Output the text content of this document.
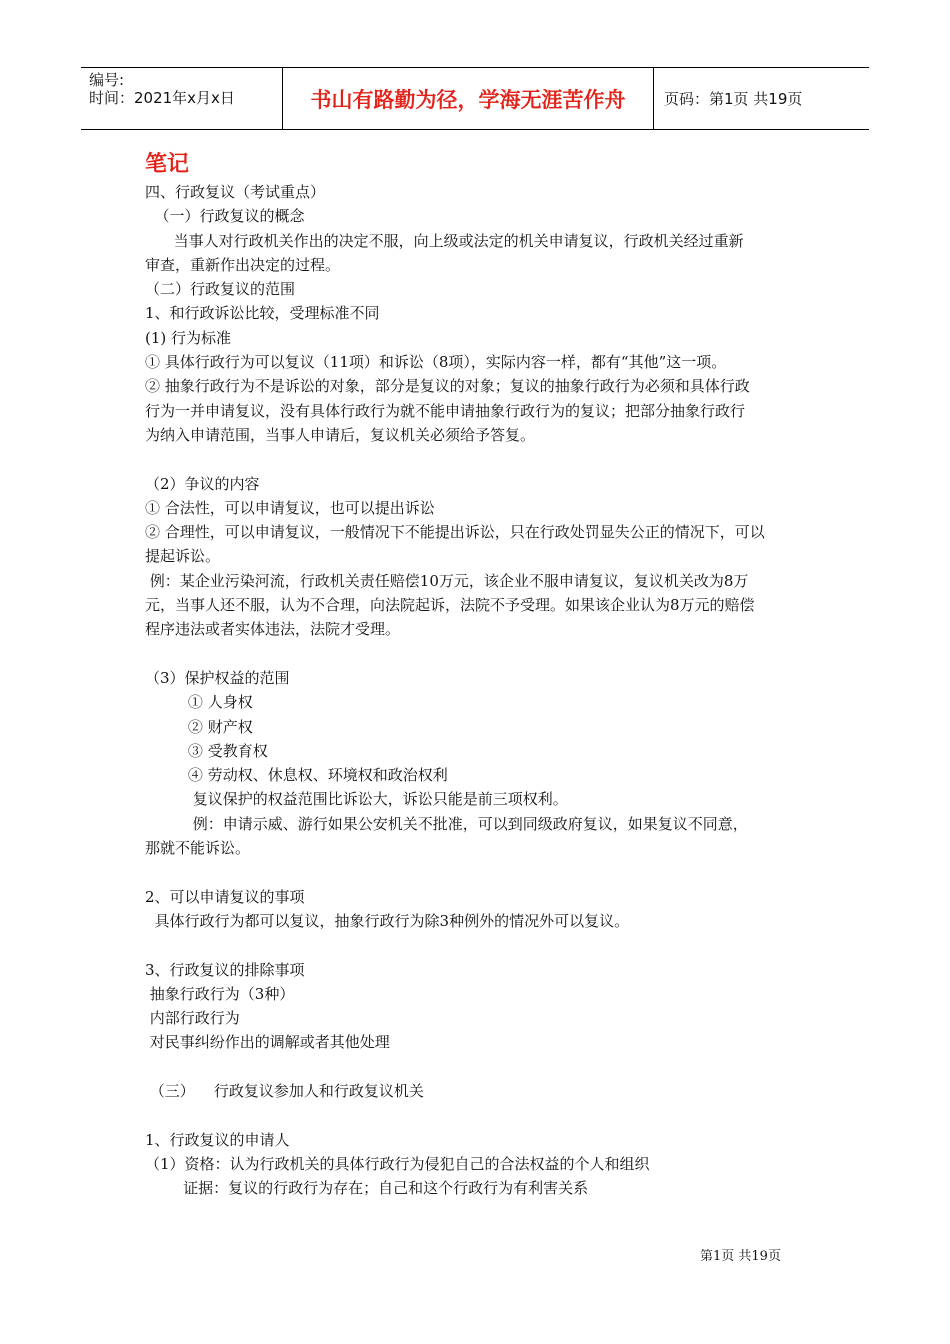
编号:
时间：2021年x月x日	书山有路勤为径，学海无涯苦作舟	页码：第1页 共19页
笔记
四、行政复议（考试重点）
（一）行政复议的概念
当事人对行政机关作出的决定不服，向上级或法定的机关申请复议，行政机关经过重新
审查，重新作出决定的过程。
（二）行政复议的范围
1、和行政诉讼比较，受理标准不同
(1) 行为标准
① 具体行政行为可以复议（11项）和诉讼（8项），实际内容一样，都有“其他”这一项。
② 抽象行政行为不是诉讼的对象，部分是复议的对象；复议的抽象行政行为必须和具体行政
行为一并申请复议，没有具体行政行为就不能申请抽象行政行为的复议；把部分抽象行政行
为纳入申请范围，当事人申请后，复议机关必须给予答复。
（2）争议的内容
① 合法性，可以申请复议，也可以提出诉讼
② 合理性，可以申请复议，一般情况下不能提出诉讼，只在行政处罚显失公正的情况下，可以
提起诉讼。
例：某企业污染河流，行政机关责任赔偿10万元，该企业不服申请复议，复议机关改为8万
元，当事人还不服，认为不合理，向法院起诉，法院不予受理。如果该企业认为8万元的赔偿
程序违法或者实体违法，法院才受理。
（3）保护权益的范围
① 人身权
② 财产权
③ 受教育权
④ 劳动权、休息权、环境权和政治权利
复议保护的权益范围比诉讼大，诉讼只能是前三项权利。
例：申请示威、游行如果公安机关不批准，可以到同级政府复议，如果复议不同意，
那就不能诉讼。
2、可以申请复议的事项
具体行政行为都可以复议，抽象行政行为除3种例外的情况外可以复议。
3、行政复议的排除事项
抽象行政行为（3种）
内部行政行为
对民事纠纷作出的调解或者其他处理
（三）    行政复议参加人和行政复议机关
1、行政复议的申请人
（1）资格：认为行政机关的具体行政行为侵犯自己的合法权益的个人和组织
证据：复议的行政行为存在；自己和这个行政行为有利害关系
第1页 共19页
